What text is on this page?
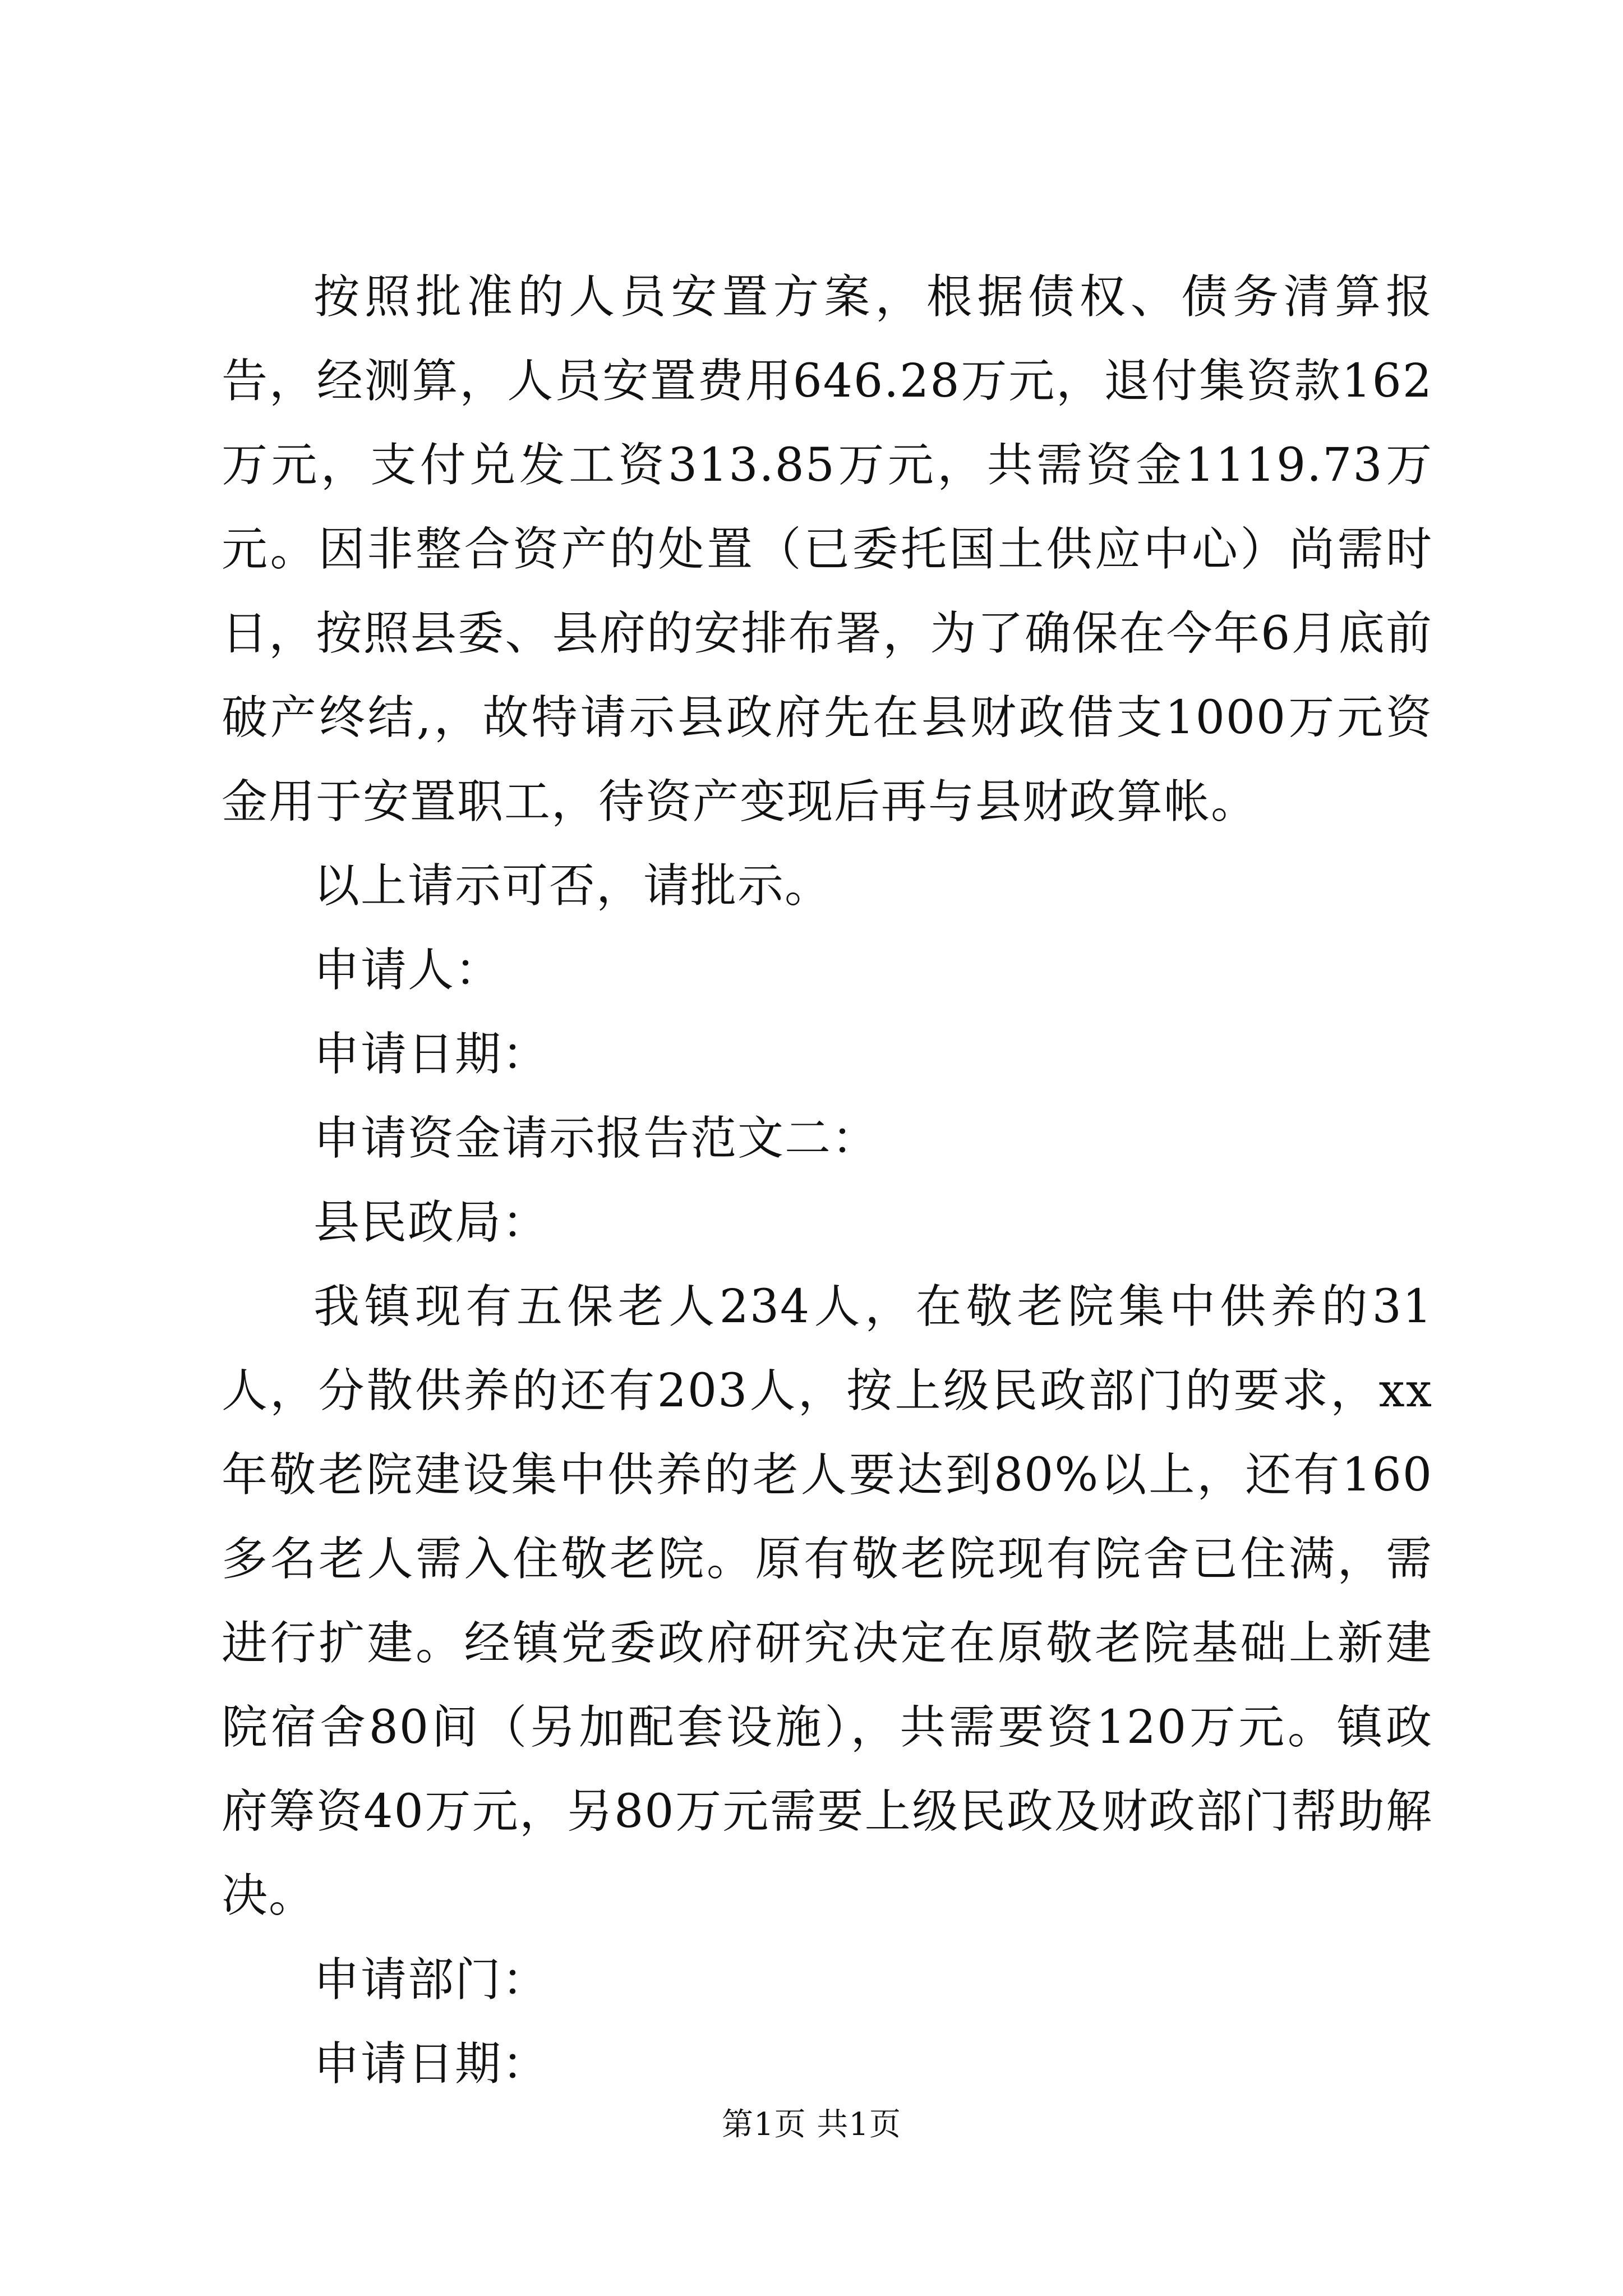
按照批准的人员安置方案，根据债权、债务清算报告，经测算，人员安置费用646.28万元，退付集资款162万元，支付兑发工资313.85万元，共需资金1119.73万元。因非整合资产的处置（已委托国土供应中心）尚需时日，按照县委、县府的安排布署，为了确保在今年6月底前破产终结,，故特请示县政府先在县财政借支1000万元资金用于安置职工，待资产变现后再与县财政算帐。

以上请示可否，请批示。

申请人：

申请日期：

申请资金请示报告范文二：

县民政局：

我镇现有五保老人234人，在敬老院集中供养的31人，分散供养的还有203人，按上级民政部门的要求，xx年敬老院建设集中供养的老人要达到80%以上，还有160多名老人需入住敬老院。原有敬老院现有院舍已住满，需进行扩建。经镇党委政府研究决定在原敬老院基础上新建院宿舍80间（另加配套设施），共需要资120万元。镇政府筹资40万元，另80万元需要上级民政及财政部门帮助解决。

申请部门：

申请日期：

第1页 共1页
